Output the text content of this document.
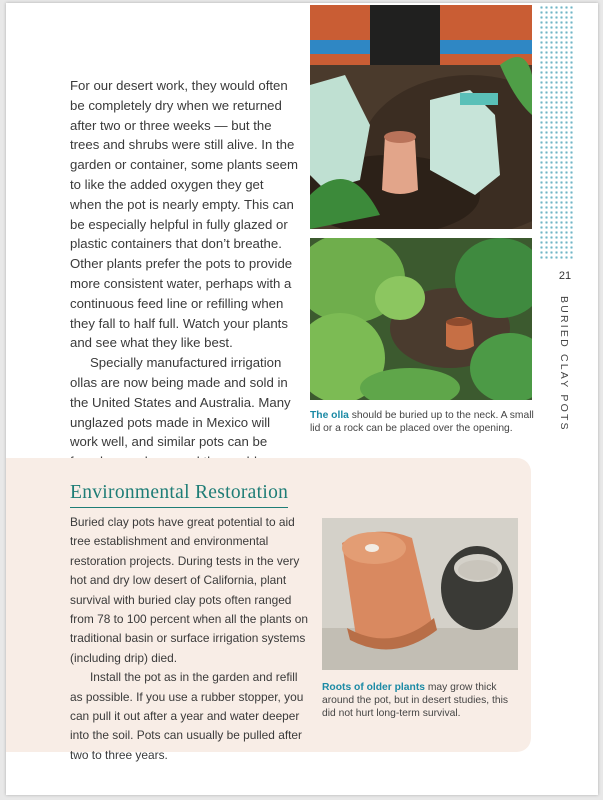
For our desert work, they would often be completely dry when we returned after two or three weeks — but the trees and shrubs were still alive. In the garden or container, some plants seem to like the added oxygen they get when the pot is nearly empty. This can be especially helpful in fully glazed or plastic containers that don’t breathe. Other plants prefer the pots to provide more consistent water, perhaps with a continuous feed line or refilling when they fall to half full. Watch your plants and see what they like best.

Specially manufactured irrigation ollas are now being made and sold in the United States and Australia. Many unglazed pots made in Mexico will work well, and similar pots can be

The olla should be buried up to the neck. A small lid or a rock can be placed over the opening.
21
BURIED CLAY POTS
Environmental Restoration

Buried clay pots have great potential to aid tree establishment and environmental restoration projects. During tests in the very hot and dry low desert of California, plant survival with buried clay pots often ranged from 78 to 100 percent when all the plants on traditional basin or surface irrigation systems (including drip) died.

Install the pot as in the garden and refill as possible. If you use a rubber stopper, you can pull it out after a year and water deeper into the soil. Pots can usually be pulled after two to three years.

Roots of older plants may grow thick around the pot, but in desert studies, this did not hurt long-term survival.
